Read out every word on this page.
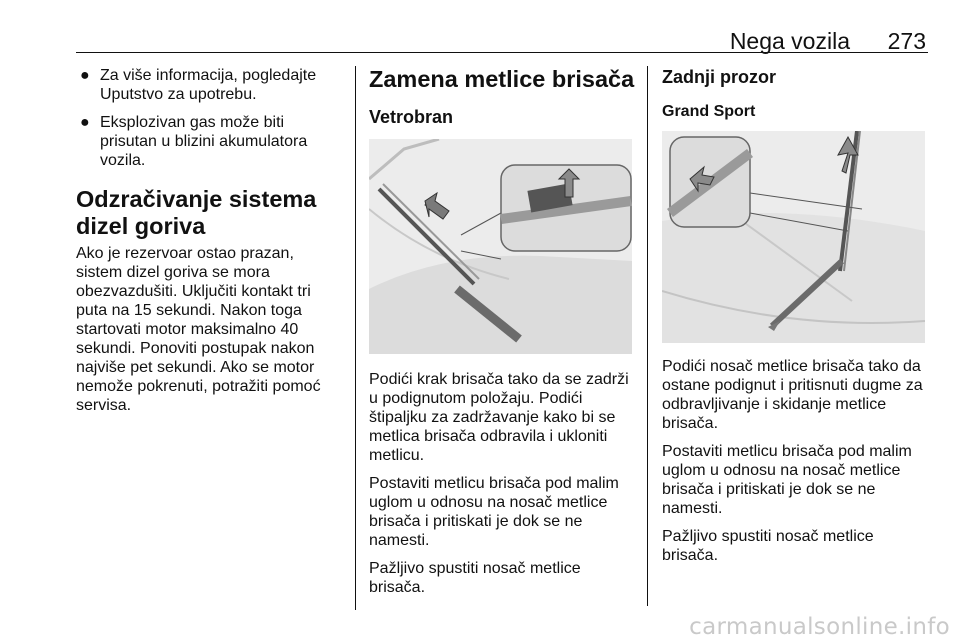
Nega vozila 273
● Za više informacija, pogledajte Uputstvo za upotrebu.
● Eksplozivan gas može biti prisutan u blizini akumulatora vozila.
Odzračivanje sistema dizel goriva

Ako je rezervoar ostao prazan, sistem dizel goriva se mora obezvazdušiti. Uključiti kontakt tri puta na 15 sekundi. Nakon toga startovati motor maksimalno 40 sekundi. Ponoviti postupak nakon najviše pet sekundi. Ako se motor nemože pokrenuti, potražiti pomoć servisa.

Zamena metlice brisača
Vetrobran

Podići krak brisača tako da se zadrži u podignutom položaju. Podići štipaljku za zadržavanje kako bi se metlica brisača odbravila i ukloniti metlicu.

Postaviti metlicu brisača pod malim uglom u odnosu na nosač metlice brisača i pritiskati je dok se ne namesti.

Pažljivo spustiti nosač metlice brisača.

Zadnji prozor
Grand Sport

Podići nosač metlice brisača tako da ostane podignut i pritisnuti dugme za odbravljivanje i skidanje metlice brisača.

Postaviti metlicu brisača pod malim uglom u odnosu na nosač metlice brisača i pritiskati je dok se ne namesti.

Pažljivo spustiti nosač metlice brisača.

carmanualsonline.info
